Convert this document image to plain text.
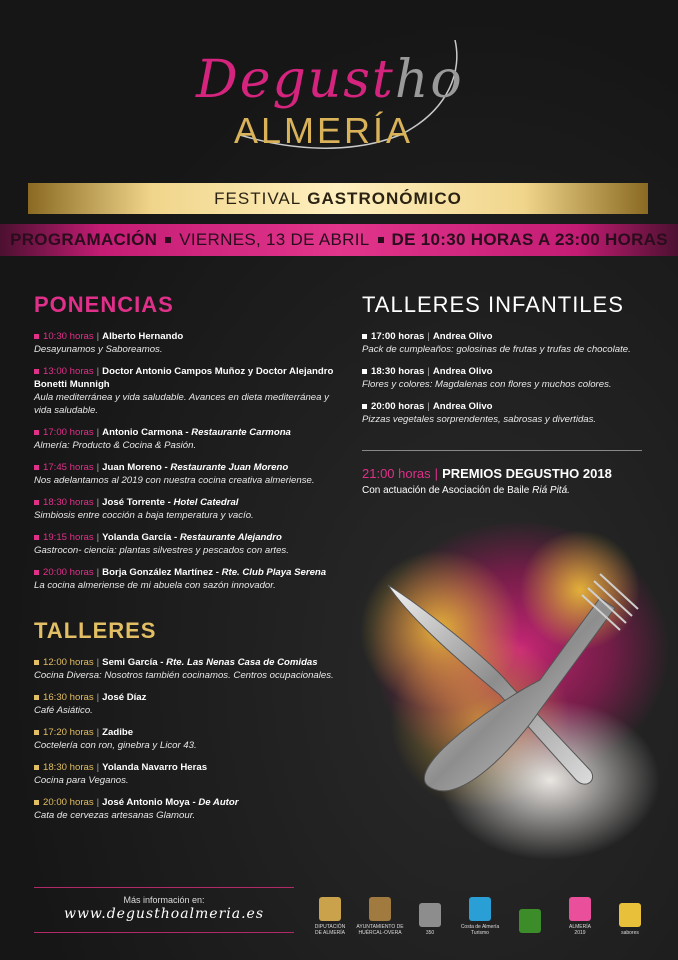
Degustho
ALMERÍA
FESTIVAL GASTRONÓMICO
PROGRAMACIÓN VIERNES, 13 DE ABRIL DE 10:30 HORAS A 23:00 HORAS
PONENCIAS
10:30 horas | Alberto Hernando
Desayunamos y Saboreamos.
13:00 horas | Doctor Antonio Campos Muñoz y Doctor Alejandro Bonetti Munnigh
Aula mediterránea y vida saludable. Avances en dieta mediterránea y vida saludable.
17:00 horas | Antonio Carmona - Restaurante Carmona
Almería: Producto & Cocina & Pasión.
17:45 horas | Juan Moreno - Restaurante Juan Moreno
Nos adelantamos al 2019 con nuestra cocina creativa almeriense.
18:30 horas | José Torrente - Hotel Catedral
Simbiosis entre cocción a baja temperatura y vacío.
19:15 horas | Yolanda García - Restaurante Alejandro
Gastrocon- ciencia: plantas silvestres y pescados con artes.
20:00 horas | Borja González Martínez - Rte. Club Playa Serena
La cocina almeriense de mi abuela con sazón innovador.
TALLERES
12:00 horas | Semi García - Rte. Las Nenas Casa de Comidas
Cocina Diversa: Nosotros también cocinamos. Centros ocupacionales.
16:30 horas | José Díaz
Café Asiático.
17:20 horas | Zadibe
Coctelería con ron, ginebra y Licor 43.
18:30 horas | Yolanda Navarro Heras
Cocina para Veganos.
20:00 horas | José Antonio Moya - De Autor
Cata de cervezas artesanas Glamour.
TALLERES INFANTILES
17:00 horas | Andrea Olivo
Pack de cumpleaños: golosinas de frutas y trufas de chocolate.
18:30 horas | Andrea Olivo
Flores y colores: Magdalenas con flores y muchos colores.
20:00 horas | Andrea Olivo
Pizzas vegetales sorprendentes, sabrosas y divertidas.
21:00 horas | PREMIOS DEGUSTHO 2018
Con actuación de Asociación de Baile Riá Pitá.
Más información en:
www.degusthoalmeria.es
DIPUTACIÓN
DE ALMERÍA
AYUNTAMIENTO DE
HUÉRCAL-OVERA	350
Costa de Almería
Turismo
ALMERÍA
2019	sabores
